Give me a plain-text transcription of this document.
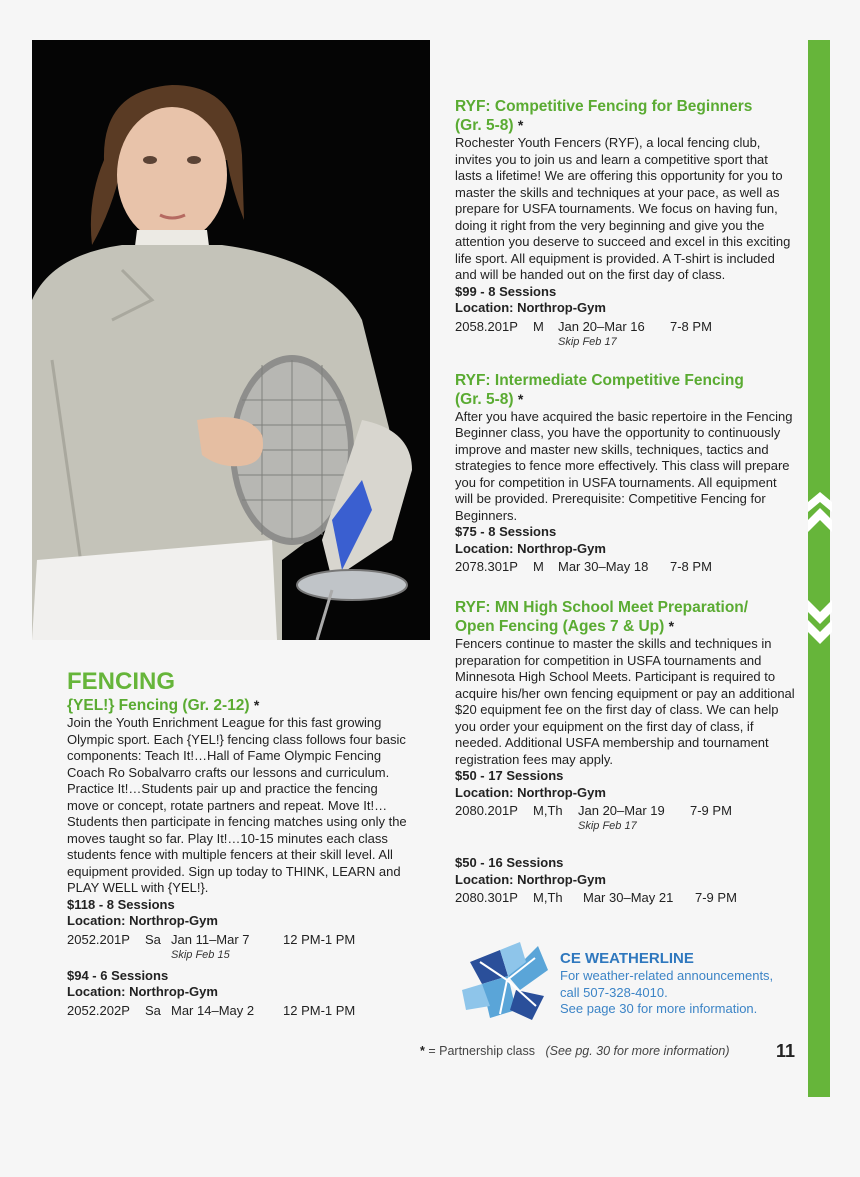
FENCING
{YEL!} Fencing (Gr. 2-12) *

Join the Youth Enrichment League for this fast growing Olympic sport. Each {YEL!} fencing class follows four basic components: Teach It!…Hall of Fame Olympic Fencing Coach Ro Sobalvarro crafts our lessons and curriculum. Practice It!…Students pair up and practice the fencing move or concept, rotate partners and repeat. Move It!…Students then participate in fencing matches using only the moves taught so far. Play It!…10-15 minutes each class students fence with multiple fencers at their skill level. All equipment provided. Sign up today to THINK, LEARN and PLAY WELL with {YEL!}.

$118 - 8 Sessions
Location: Northrop-Gym
2052.201P	Sa Jan 11–Mar 7	12 PM-1 PM
Skip Feb 15
$94 - 6 Sessions
Location: Northrop-Gym
2052.202P	Sa Mar 14–May 2	12 PM-1 PM
RYF: Competitive Fencing for Beginners
(Gr. 5-8) *

Rochester Youth Fencers (RYF), a local fencing club, invites you to join us and learn a competitive sport that lasts a lifetime! We are offering this opportunity for you to master the skills and techniques at your pace, as well as prepare for USFA tournaments. We focus on having fun, doing it right from the very beginning and give you the attention you deserve to succeed and excel in this exciting life sport. All equipment is provided. A T-shirt is included and will be handed out on the first day of class.

$99 - 8 Sessions
Location: Northrop-Gym
2058.201P	M	Jan 20–Mar 16	7-8 PM
Skip Feb 17
RYF: Intermediate Competitive Fencing
(Gr. 5-8) *

After you have acquired the basic repertoire in the Fencing Beginner class, you have the opportunity to continuously improve and master new skills, techniques, tactics and strategies to fence more effectively. This class will prepare you for competition in USFA tournaments. All equipment will be provided. Prerequisite: Competitive Fencing for Beginners.

$75 - 8 Sessions
Location: Northrop-Gym
2078.301P	M	Mar 30–May 18	7-8 PM
RYF: MN High School Meet Preparation/
Open Fencing (Ages 7 & Up) *

Fencers continue to master the skills and techniques in preparation for competition in USFA tournaments and Minnesota High School Meets. Participant is required to acquire his/her own fencing equipment or pay an additional $20 equipment fee on the first day of class. We can help you order your equipment on the first day of class, if needed. Additional USFA membership and tournament registration fees may apply.

$50 - 17 Sessions
Location: Northrop-Gym
2080.201P	M,Th	Jan 20–Mar 19	7-9 PM
Skip Feb 17
$50 - 16 Sessions
Location: Northrop-Gym
2080.301P	M,Th	Mar 30–May 21	7-9 PM
CE WEATHERLINE
For weather-related announcements,
call 507-328-4010.
See page 30 for more information.
* = Partnership class (See pg. 30 for more information)	11
